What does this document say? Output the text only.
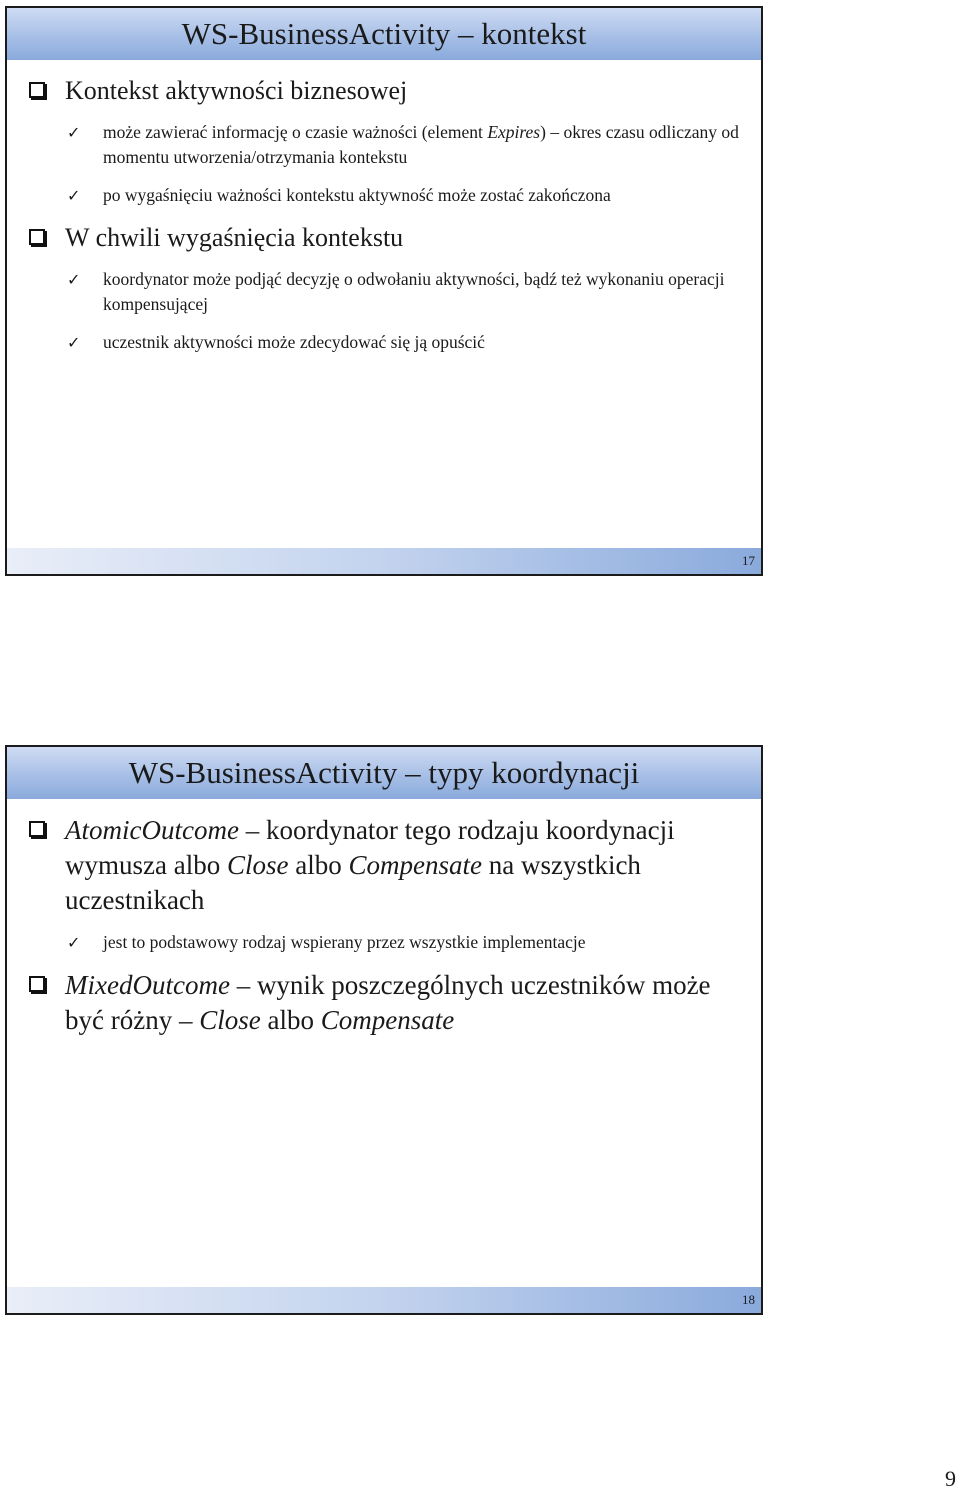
WS-BusinessActivity – kontekst
Kontekst aktywności biznesowej
✓ może zawierać informację o czasie ważności (element Expires) – okres czasu odliczany od momentu utworzenia/otrzymania kontekstu
✓ po wygaśnięciu ważności kontekstu aktywność może zostać zakończona
W chwili wygaśnięcia kontekstu
✓ koordynator może podjąć decyzję o odwołaniu aktywności, bądź też wykonaniu operacji kompensującej
✓ uczestnik aktywności może zdecydować się ją opuścić
17
WS-BusinessActivity – typy koordynacji
AtomicOutcome – koordynator tego rodzaju koordynacji wymusza albo Close albo Compensate na wszystkich uczestnikach
✓ jest to podstawowy rodzaj wspierany przez wszystkie implementacje
MixedOutcome – wynik poszczególnych uczestników może być różny – Close albo Compensate
18
9
